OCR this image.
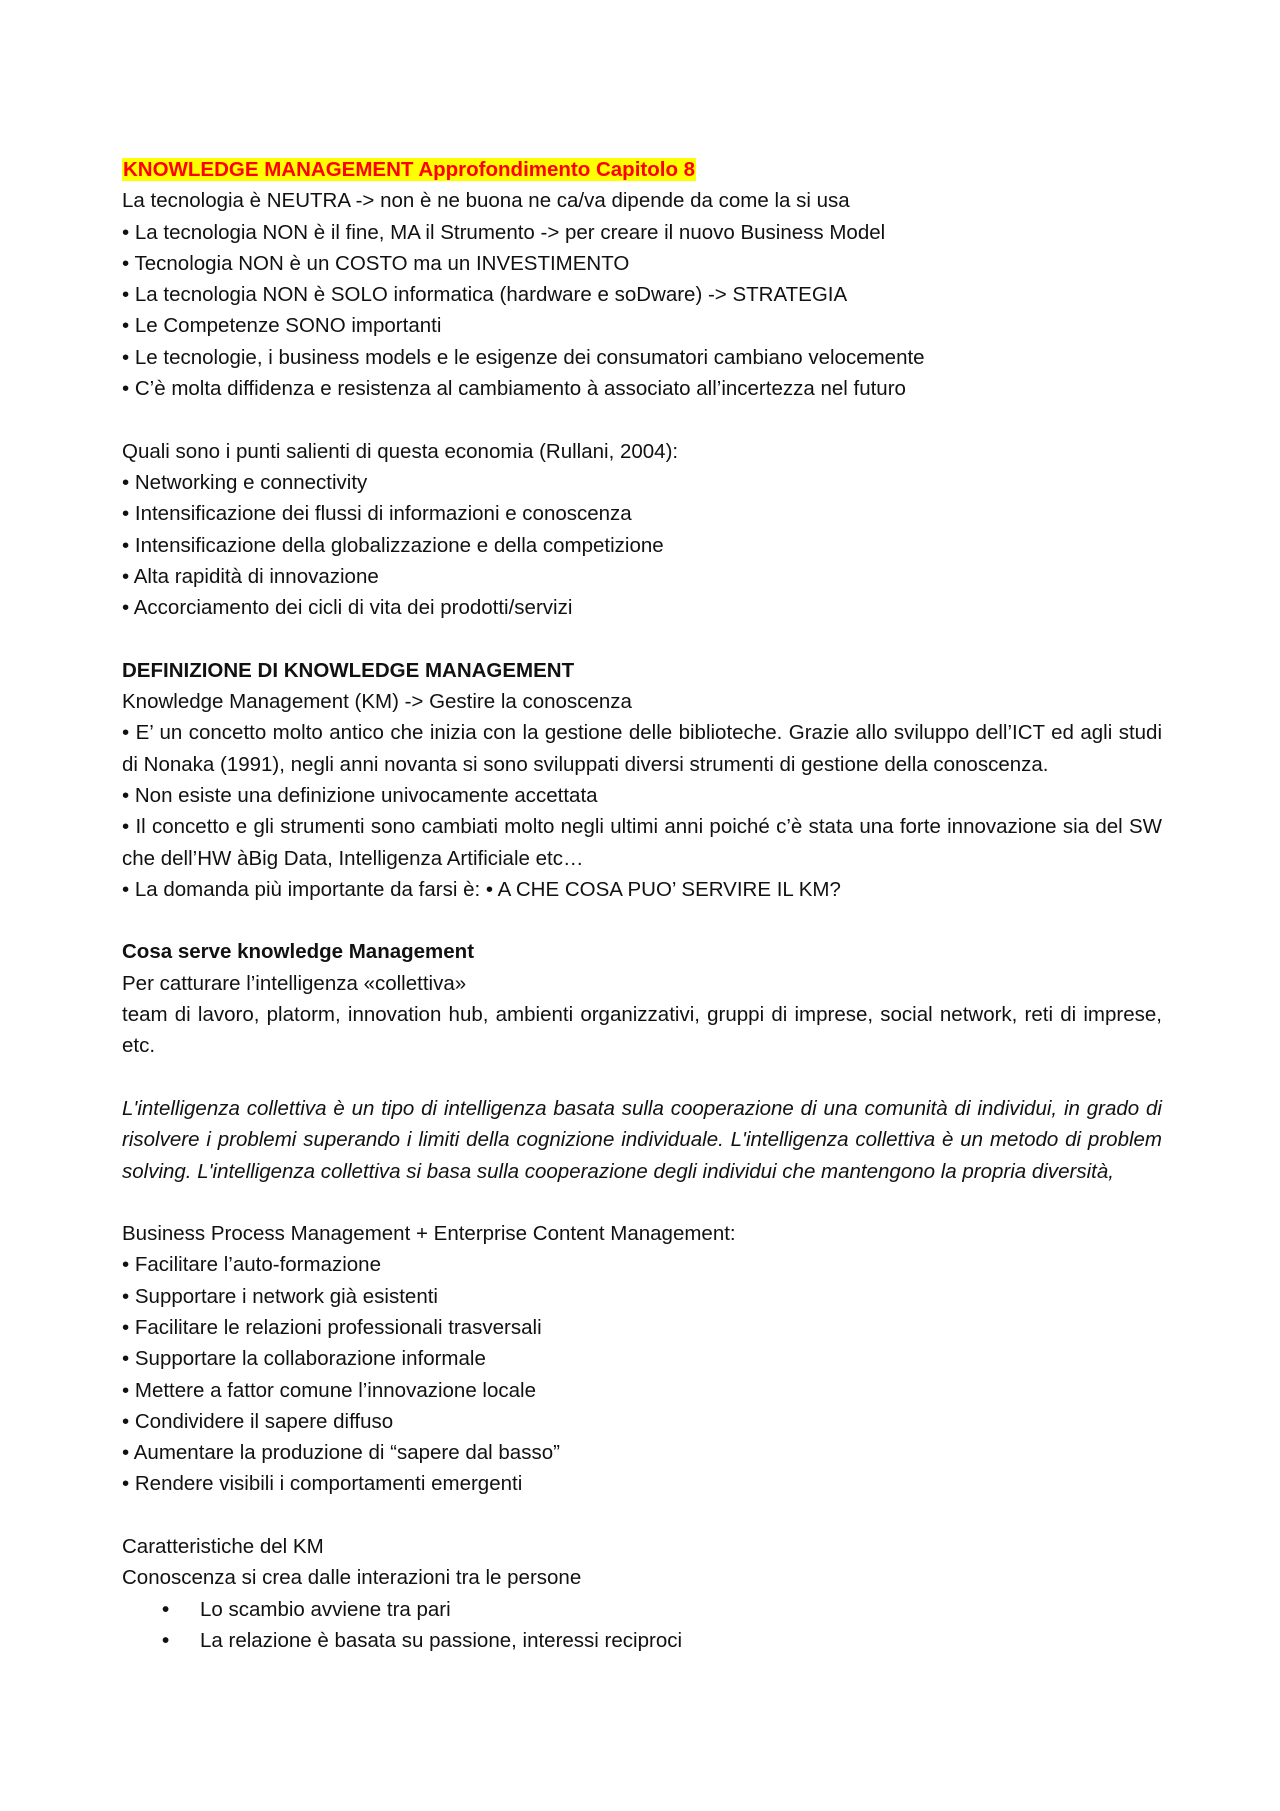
KNOWLEDGE MANAGEMENT Approfondimento Capitolo 8
La tecnologia è NEUTRA -> non è ne buona ne ca/va dipende da come la si usa
• La tecnologia NON è il fine, MA il Strumento -> per creare il nuovo Business Model
• Tecnologia NON è un COSTO ma un INVESTIMENTO
• La tecnologia NON è SOLO informatica (hardware e soDware) -> STRATEGIA
• Le Competenze SONO importanti
• Le tecnologie, i business models e le esigenze dei consumatori cambiano velocemente
• C’è molta diffidenza e resistenza al cambiamento à associato all’incertezza nel futuro
Quali sono i punti salienti di questa economia (Rullani, 2004):
• Networking e connectivity
• Intensificazione dei flussi di informazioni e conoscenza
• Intensificazione della globalizzazione e della competizione
• Alta rapidità di innovazione
• Accorciamento dei cicli di vita dei prodotti/servizi
DEFINIZIONE DI KNOWLEDGE MANAGEMENT
Knowledge Management (KM) -> Gestire la conoscenza
• E’ un concetto molto antico che inizia con la gestione delle biblioteche. Grazie allo sviluppo dell’ICT ed agli studi di Nonaka (1991), negli anni novanta si sono sviluppati diversi strumenti di gestione della conoscenza.
• Non esiste una definizione univocamente accettata
• Il concetto e gli strumenti sono cambiati molto negli ultimi anni poiché c’è stata una forte innovazione sia del SW che dell’HW àBig Data, Intelligenza Artificiale etc…
• La domanda più importante da farsi è: • A CHE COSA PUO’ SERVIRE IL KM?
Cosa serve knowledge Management
Per catturare l’intelligenza «collettiva»
team di lavoro, platorm, innovation hub, ambienti organizzativi, gruppi di imprese, social network, reti di imprese, etc.
L'intelligenza collettiva è un tipo di intelligenza basata sulla cooperazione di una comunità di individui, in grado di risolvere i problemi superando i limiti della cognizione individuale. L'intelligenza collettiva è un metodo di problem solving. L'intelligenza collettiva si basa sulla cooperazione degli individui che mantengono la propria diversità,
Business Process Management + Enterprise Content Management:
• Facilitare l’auto-formazione
• Supportare i network già esistenti
• Facilitare le relazioni professionali trasversali
• Supportare la collaborazione informale
• Mettere a fattor comune l’innovazione locale
• Condividere il sapere diffuso
• Aumentare la produzione di “sapere dal basso”
• Rendere visibili i comportamenti emergenti
Caratteristiche del KM
Conoscenza si crea dalle interazioni tra le persone
• Lo scambio avviene tra pari
• La relazione è basata su passione, interessi reciproci
